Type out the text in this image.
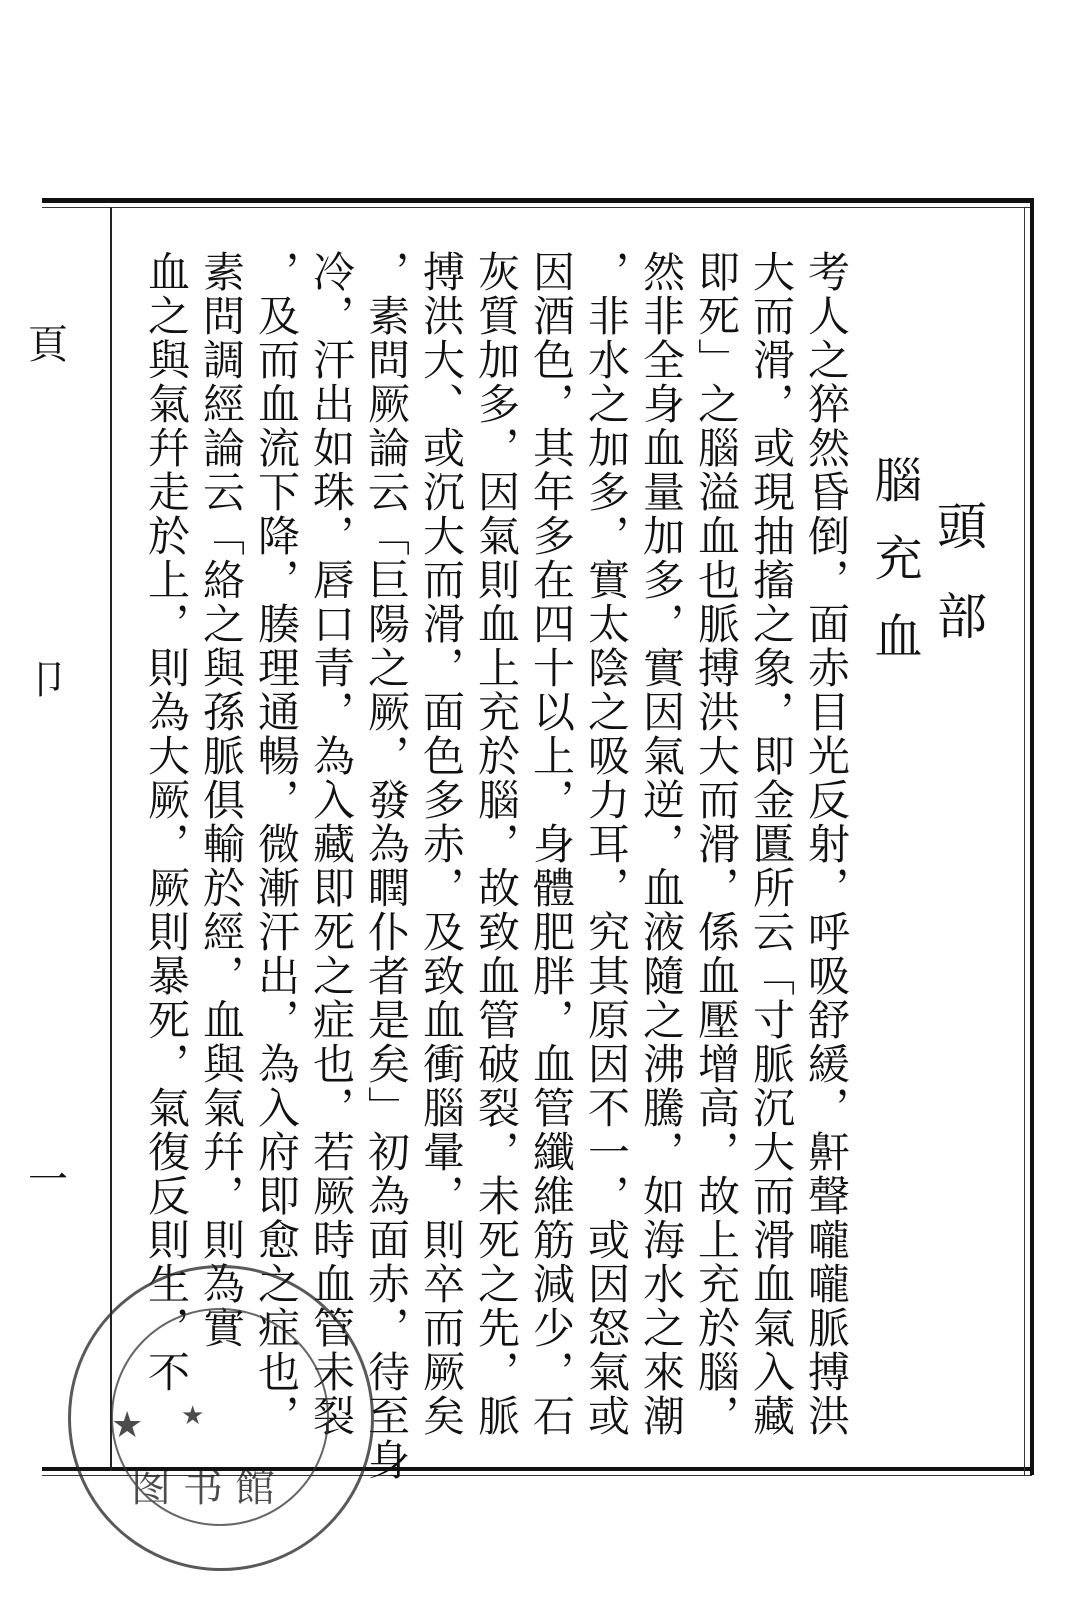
頁
卩
一
頭部
腦充血
考人之猝然昏倒，面赤目光反射，呼吸舒緩，鼾聲嚨嚨脈搏洪
大而滑，或現抽搐之象，即金匱所云「寸脈沉大而滑血氣入藏
即死」之腦溢血也脈搏洪大而滑，係血壓增高，故上充於腦，
然非全身血量加多，實因氣逆，血液隨之沸騰，如海水之來潮
，非水之加多，實太陰之吸力耳，究其原因不一，或因怒氣或
因酒色，其年多在四十以上，身體肥胖，血管纖維筋減少，石
灰質加多，因氣則血上充於腦，故致血管破裂，未死之先，脈
搏洪大、或沉大而滑，面色多赤，及致血衝腦暈，則卒而厥矣
，素問厥論云「巨陽之厥，發為瞤仆者是矣」初為面赤，待至身
冷，汗出如珠，唇口青，為入藏即死之症也，若厥時血管未裂
，及而血流下降，腠理通暢，微漸汗出，為入府即愈之症也，
素問調經論云「絡之與孫脈俱輸於經，血與氣幷，則為實
血之與氣幷走於上，則為大厥，厥則暴死，氣復反則生，不
★ ★
图书館
